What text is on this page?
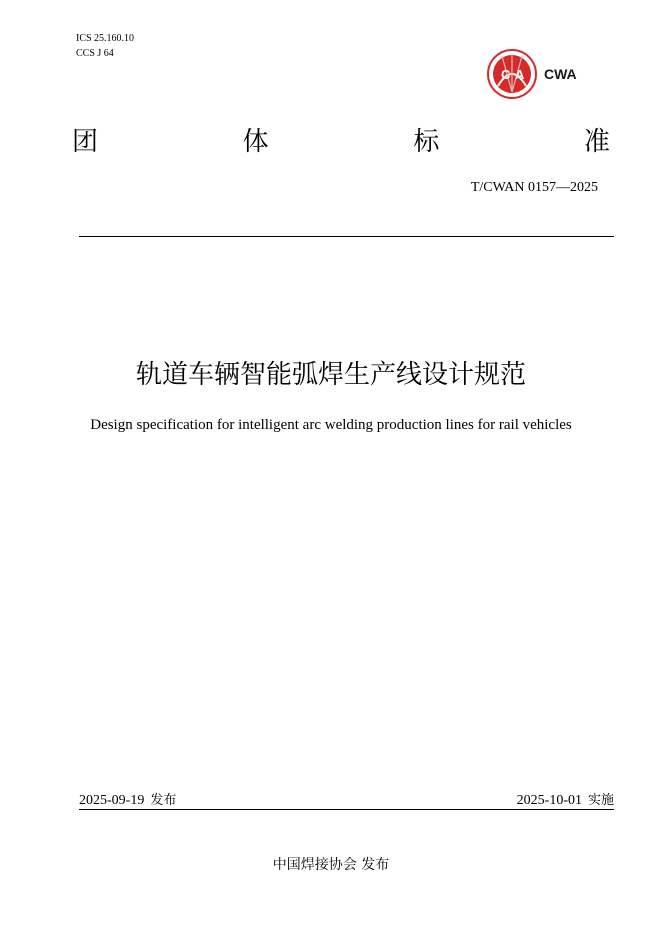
ICS 25.160.10
CCS J 64
C A CWA
团	体	标	准
T/CWAN 0157—2025
轨道车辆智能弧焊生产线设计规范
Design specification for intelligent arc welding production lines for rail vehicles
2025-09-19 发布	2025-10-01 实施
中国焊接协会 发布
